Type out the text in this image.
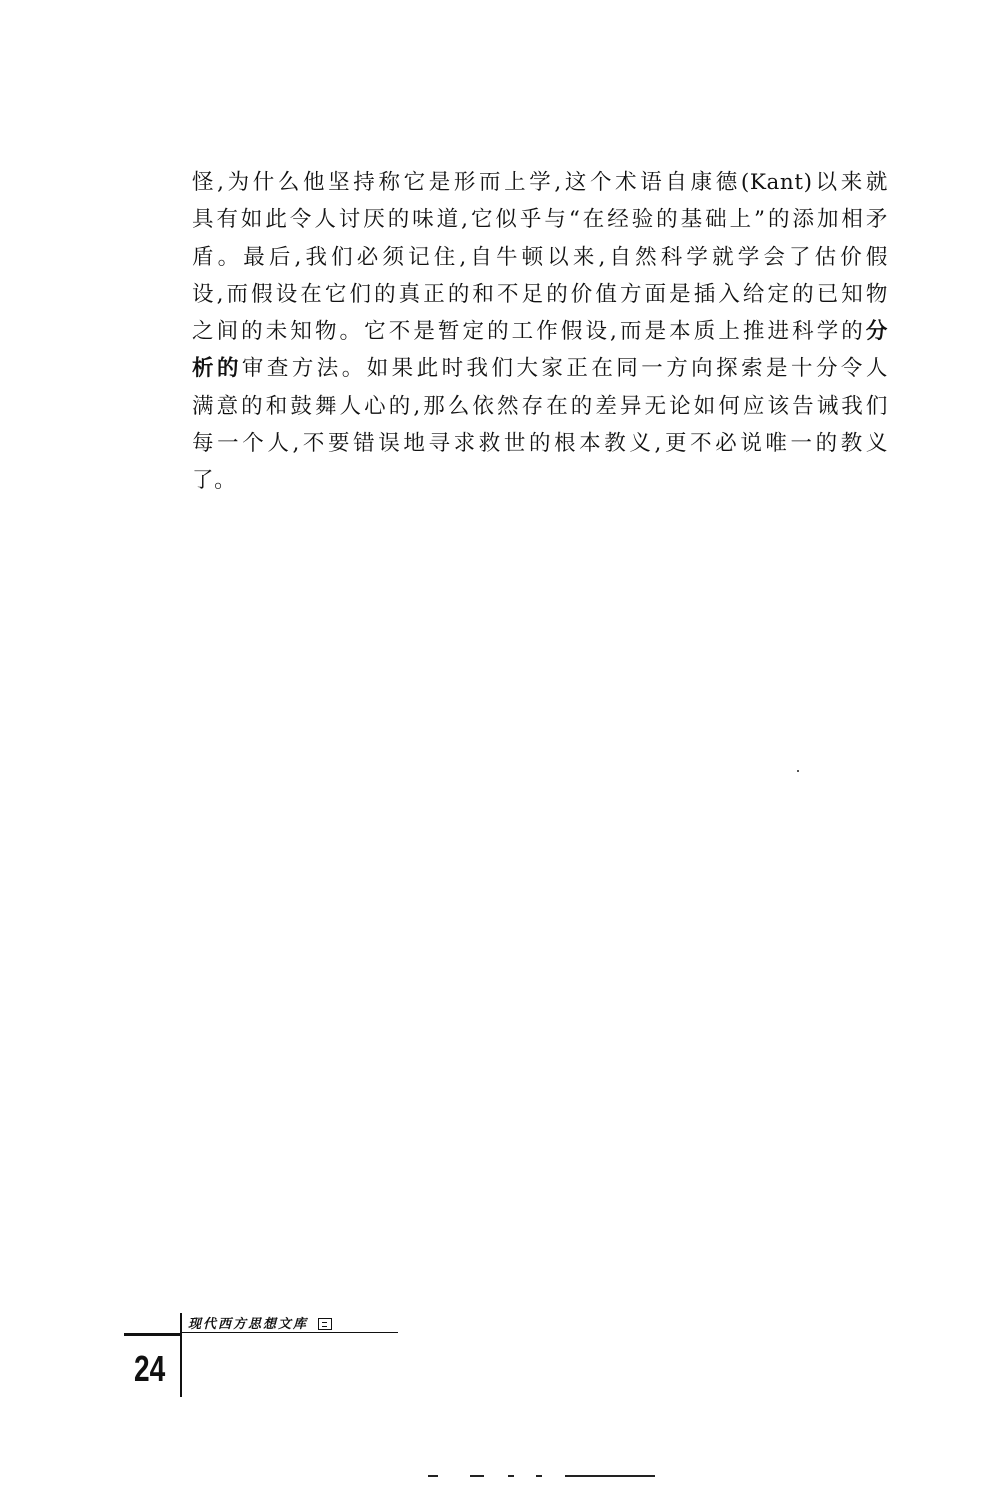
怪,为什么他坚持称它是形而上学,这个术语自康德(Kant)以来就
具有如此令人讨厌的味道,它似乎与“在经验的基础上”的添加相矛
盾。最后,我们必须记住,自牛顿以来,自然科学就学会了估价假
设,而假设在它们的真正的和不足的价值方面是插入给定的已知物
之间的未知物。它不是暂定的工作假设,而是本质上推进科学的分
析的审查方法。如果此时我们大家正在同一方向探索是十分令人
满意的和鼓舞人心的,那么依然存在的差异无论如何应该告诫我们
每一个人,不要错误地寻求救世的根本教义,更不必说唯一的教义
了。
现代西方思想文库
24
